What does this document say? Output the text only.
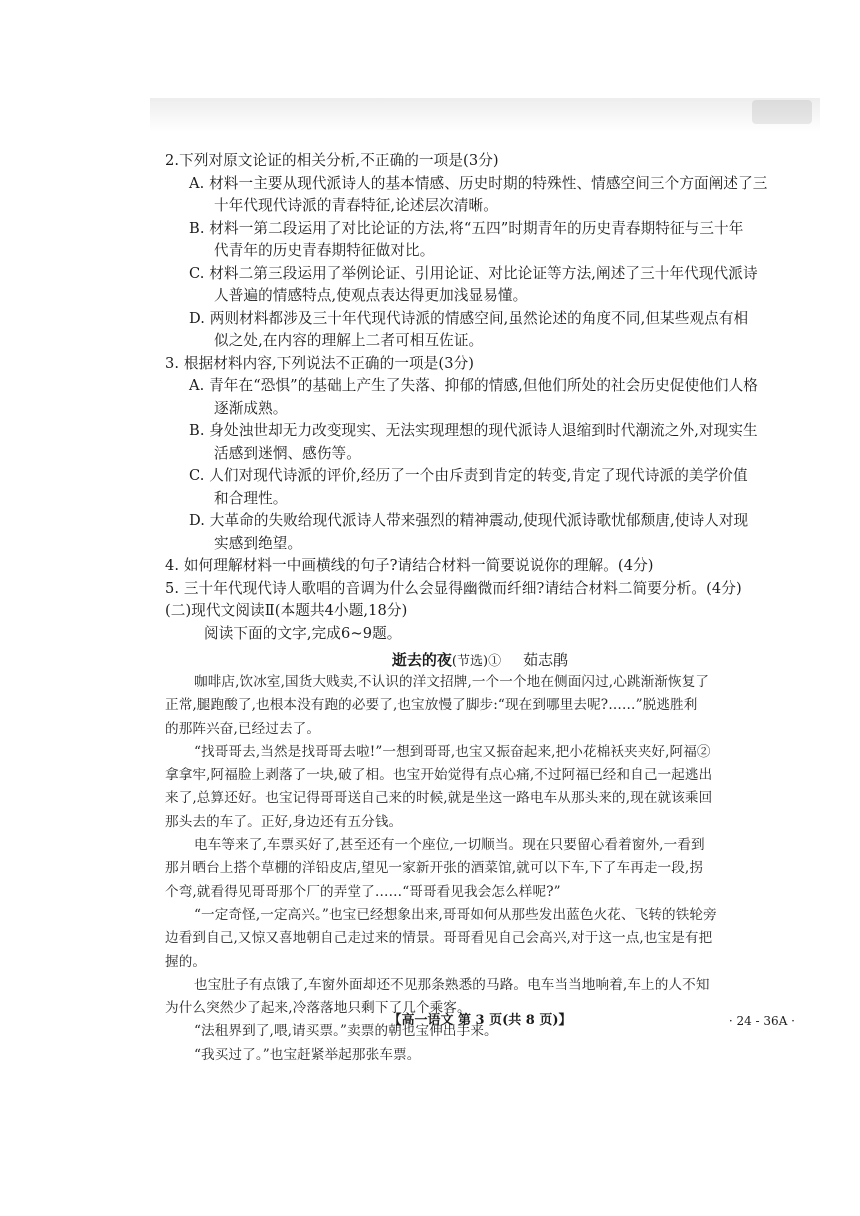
2.下列对原文论证的相关分析,不正确的一项是(3分)
A. 材料一主要从现代派诗人的基本情感、历史时期的特殊性、情感空间三个方面阐述了三
十年代现代诗派的青春特征,论述层次清晰。
B. 材料一第二段运用了对比论证的方法,将“五四”时期青年的历史青春期特征与三十年
代青年的历史青春期特征做对比。
C. 材料二第三段运用了举例论证、引用论证、对比论证等方法,阐述了三十年代现代派诗
人普遍的情感特点,使观点表达得更加浅显易懂。
D. 两则材料都涉及三十年代现代诗派的情感空间,虽然论述的角度不同,但某些观点有相
似之处,在内容的理解上二者可相互佐证。
3. 根据材料内容,下列说法不正确的一项是(3分)
A. 青年在“恐惧”的基础上产生了失落、抑郁的情感,但他们所处的社会历史促使他们人格
逐渐成熟。
B. 身处浊世却无力改变现实、无法实现理想的现代派诗人退缩到时代潮流之外,对现实生
活感到迷惘、感伤等。
C. 人们对现代诗派的评价,经历了一个由斥责到肯定的转变,肯定了现代诗派的美学价值
和合理性。
D. 大革命的失败给现代派诗人带来强烈的精神震动,使现代派诗歌忧郁颓唐,使诗人对现
实感到绝望。
4. 如何理解材料一中画横线的句子?请结合材料一简要说说你的理解。(4分)
5. 三十年代现代诗人歌唱的音调为什么会显得幽微而纤细?请结合材料二简要分析。(4分)
(二)现代文阅读Ⅱ(本题共4小题,18分)
阅读下面的文字,完成6~9题。
逝去的夜(节选)① 茹志鹃
咖啡店,饮冰室,国货大贱卖,不认识的洋文招牌,一个一个地在侧面闪过,心跳渐渐恢复了
正常,腿跑酸了,也根本没有跑的必要了,也宝放慢了脚步:“现在到哪里去呢?……”脱逃胜利
的那阵兴奋,已经过去了。
“找哥哥去,当然是找哥哥去啦!”一想到哥哥,也宝又振奋起来,把小花棉袄夹夹好,阿福②
拿拿牢,阿福脸上剥落了一块,破了相。也宝开始觉得有点心痛,不过阿福已经和自己一起逃出
来了,总算还好。也宝记得哥哥送自己来的时候,就是坐这一路电车从那头来的,现在就该乘回
那头去的车了。正好,身边还有五分钱。
电车等来了,车票买好了,甚至还有一个座位,一切顺当。现在只要留心看着窗外,一看到
那爿晒台上搭个草棚的洋铅皮店,望见一家新开张的酒菜馆,就可以下车,下了车再走一段,拐
个弯,就看得见哥哥那个厂的弄堂了……“哥哥看见我会怎么样呢?”
“一定奇怪,一定高兴。”也宝已经想象出来,哥哥如何从那些发出蓝色火花、飞转的铁轮旁
边看到自己,又惊又喜地朝自己走过来的情景。哥哥看见自己会高兴,对于这一点,也宝是有把
握的。
也宝肚子有点饿了,车窗外面却还不见那条熟悉的马路。电车当当地响着,车上的人不知
为什么突然少了起来,冷落落地只剩下了几个乘客。
“法租界到了,喂,请买票。”卖票的朝也宝伸出手来。
“我买过了。”也宝赶紧举起那张车票。
【高一语文 第 3 页(共 8 页)】	· 24 - 36A ·
